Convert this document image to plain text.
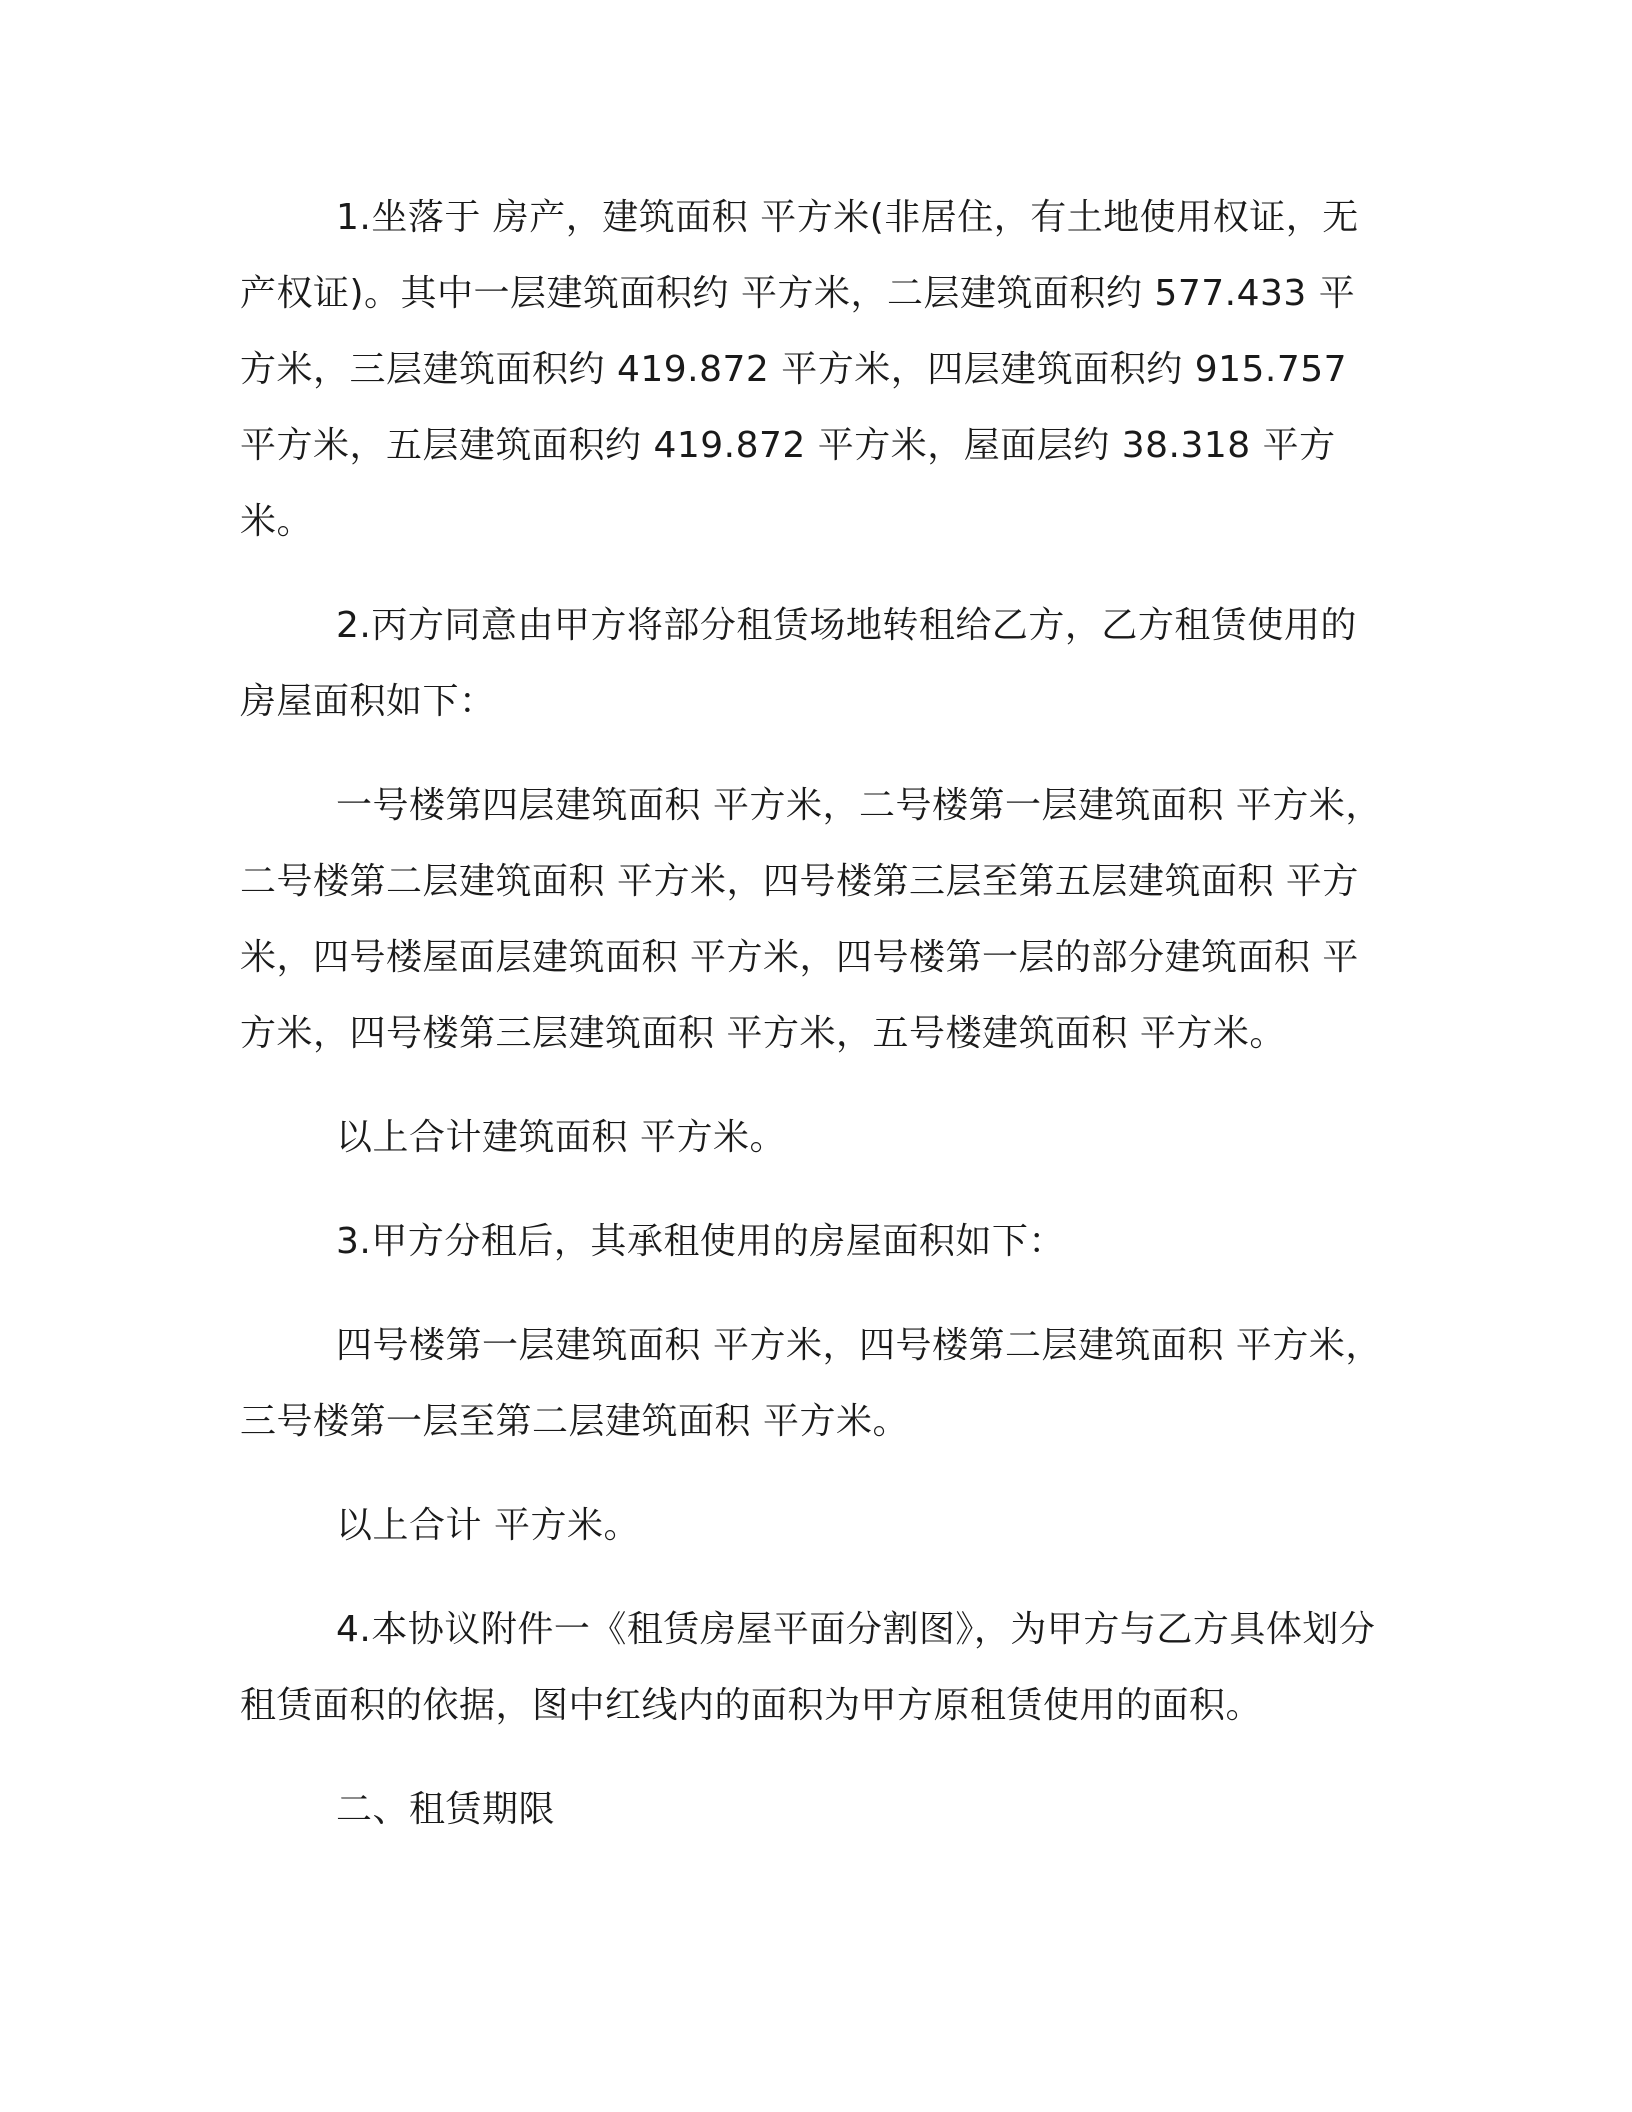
1.坐落于 房产，建筑面积 平方米(非居住，有土地使用权证，无产权证)。其中一层建筑面积约 平方米，二层建筑面积约 577.433 平方米，三层建筑面积约 419.872 平方米，四层建筑面积约 915.757 平方米，五层建筑面积约 419.872 平方米，屋面层约 38.318 平方米。

2.丙方同意由甲方将部分租赁场地转租给乙方，乙方租赁使用的房屋面积如下：

一号楼第四层建筑面积 平方米，二号楼第一层建筑面积 平方米，二号楼第二层建筑面积 平方米，四号楼第三层至第五层建筑面积 平方米，四号楼屋面层建筑面积 平方米，四号楼第一层的部分建筑面积 平方米，四号楼第三层建筑面积 平方米，五号楼建筑面积 平方米。

以上合计建筑面积 平方米。

3.甲方分租后，其承租使用的房屋面积如下：

四号楼第一层建筑面积 平方米，四号楼第二层建筑面积 平方米，三号楼第一层至第二层建筑面积 平方米。

以上合计 平方米。

4.本协议附件一《租赁房屋平面分割图》，为甲方与乙方具体划分租赁面积的依据，图中红线内的面积为甲方原租赁使用的面积。

二、租赁期限
